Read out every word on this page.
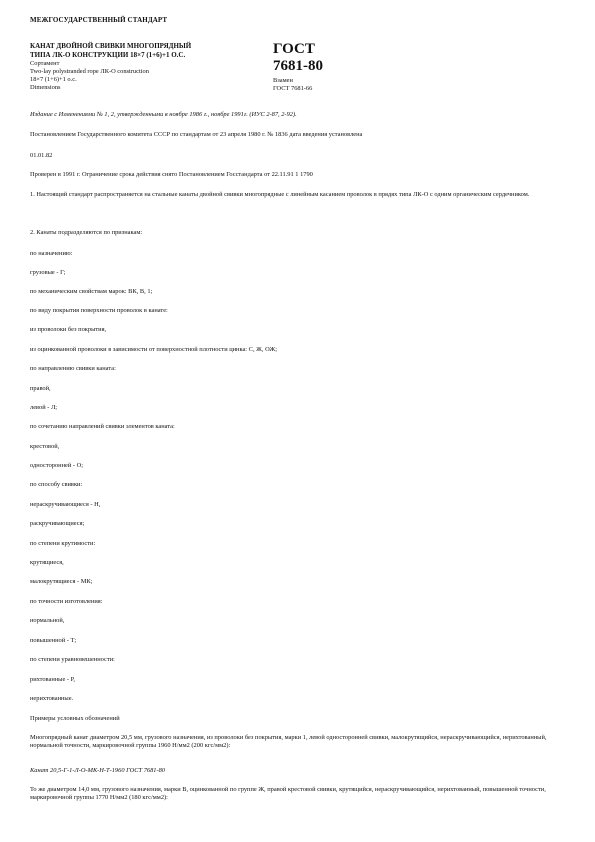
МЕЖГОСУДАРСТВЕННЫЙ СТАНДАРТ
КАНАТ ДВОЙНОЙ СВИВКИ МНОГОПРЯДНЫЙ
ТИПА ЛК-О КОНСТРУКЦИИ 18×7 (1+6)+1 О.С.
Сортамент
Two-lay polystranded rope ЛК-О construction
18×7 (1+6)+1 o.c.
Dimensions
ГОСТ
7681-80
Взамен
ГОСТ 7681-66
Издание с Изменениями № 1, 2, утвержденными в ноябре 1986 г., ноябре 1991г. (ИУС 2-87, 2-92).
Постановлением Государственного комитета СССР по стандартам от 23 апреля 1980 г. № 1836 дата введения установлена
01.01.82
Проверен в 1991 г. Ограничение срока действия снято Постановлением Госстандарта от 22.11.91 1 1790
1. Настоящий стандарт распространяется на стальные канаты двойной свивки многопрядные с линейным касанием проволок в прядях типа ЛК-О с одним органическим сердечником.
2. Канаты подразделяются по признакам:
по назначению:
грузовые - Г;
по механическим свойствам марок: ВК, В, 1;
по виду покрытия поверхности проволок в канате:
из проволоки без покрытия,
из оцинкованной проволоки в зависимости от поверхностной плотности цинка: С, Ж, ОЖ;
по направлению свивки каната:
правой,
левой - Л;
по сочетанию направлений свивки элементов каната:
крестовой,
односторонней - О;
по способу свивки:
нераскручивающиеся - Н,
раскручивающиеся;
по степени крутимости:
крутящиеся,
малокрутящиеся - МК;
по точности изготовления:
нормальной,
повышенной - Т;
по степени уравновешенности:
рихтованные - Р,
нерихтованные.
Примеры условных обозначений
Многопрядный канат диаметром 20,5 мм, грузового назначения, из проволоки без покрытия, марки 1, левой односторонней свивки, малокрутящийся, нераскручивающийся, нерихтованный, нормальной точности, маркировочной группы 1960 Н/мм2 (200 кгс/мм2):
Канат 20,5-Г-1-Л-О-МК-Н-Т-1960 ГОСТ 7681-80
То же диаметром 14,0 мм, грузового назначения, марки В, оцинкованной по группе Ж, правой крестовой свивки, крутящийся, нераскручивающийся, нерихтованный, повышенной точности, маркировочной группы 1770 Н/мм2 (180 кгс/мм2):
